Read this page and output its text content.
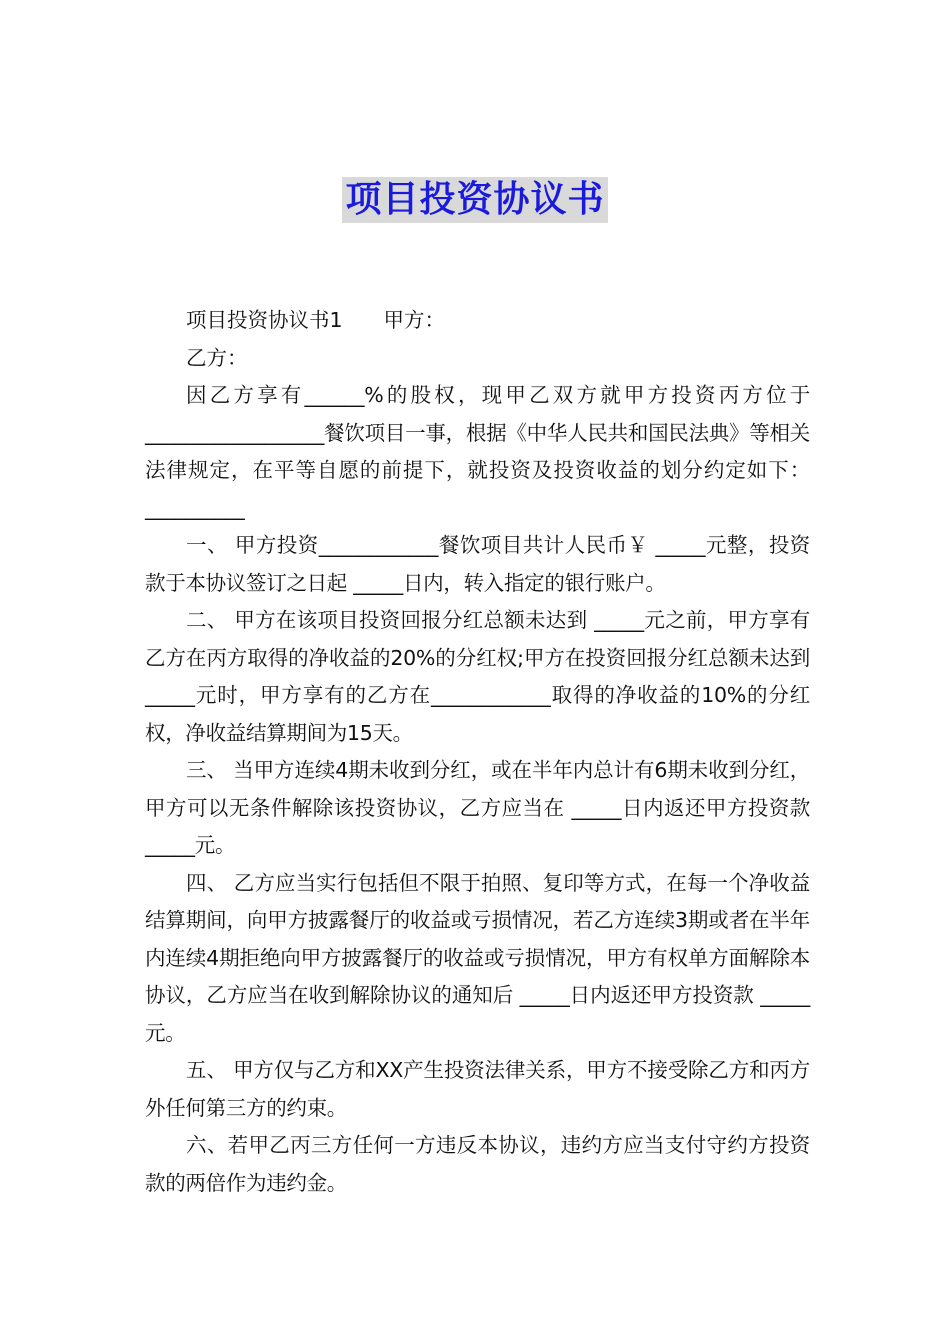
项目投资协议书

项目投资协议书1　　甲方：

乙方：

因乙方享有______%的股权，现甲乙双方就甲方投资丙方位于__________________餐饮项目一事，根据《中华人民共和国民法典》等相关法律规定，在平等自愿的前提下，就投资及投资收益的划分约定如下：__________

一、 甲方投资____________餐饮项目共计人民币￥ _____元整，投资款于本协议签订之日起 _____日内，转入指定的银行账户。

二、 甲方在该项目投资回报分红总额未达到 _____元之前，甲方享有乙方在丙方取得的净收益的20%的分红权;甲方在投资回报分红总额未达到 _____元时，甲方享有的乙方在____________取得的净收益的10%的分红权，净收益结算期间为15天。

三、 当甲方连续4期未收到分红，或在半年内总计有6期未收到分红，甲方可以无条件解除该投资协议，乙方应当在 _____日内返还甲方投资款 _____元。

四、 乙方应当实行包括但不限于拍照、复印等方式，在每一个净收益结算期间，向甲方披露餐厅的收益或亏损情况，若乙方连续3期或者在半年内连续4期拒绝向甲方披露餐厅的收益或亏损情况，甲方有权单方面解除本协议，乙方应当在收到解除协议的通知后 _____日内返还甲方投资款 _____元。

五、 甲方仅与乙方和XX产生投资法律关系，甲方不接受除乙方和丙方外任何第三方的约束。

六、若甲乙丙三方任何一方违反本协议，违约方应当支付守约方投资款的两倍作为违约金。
